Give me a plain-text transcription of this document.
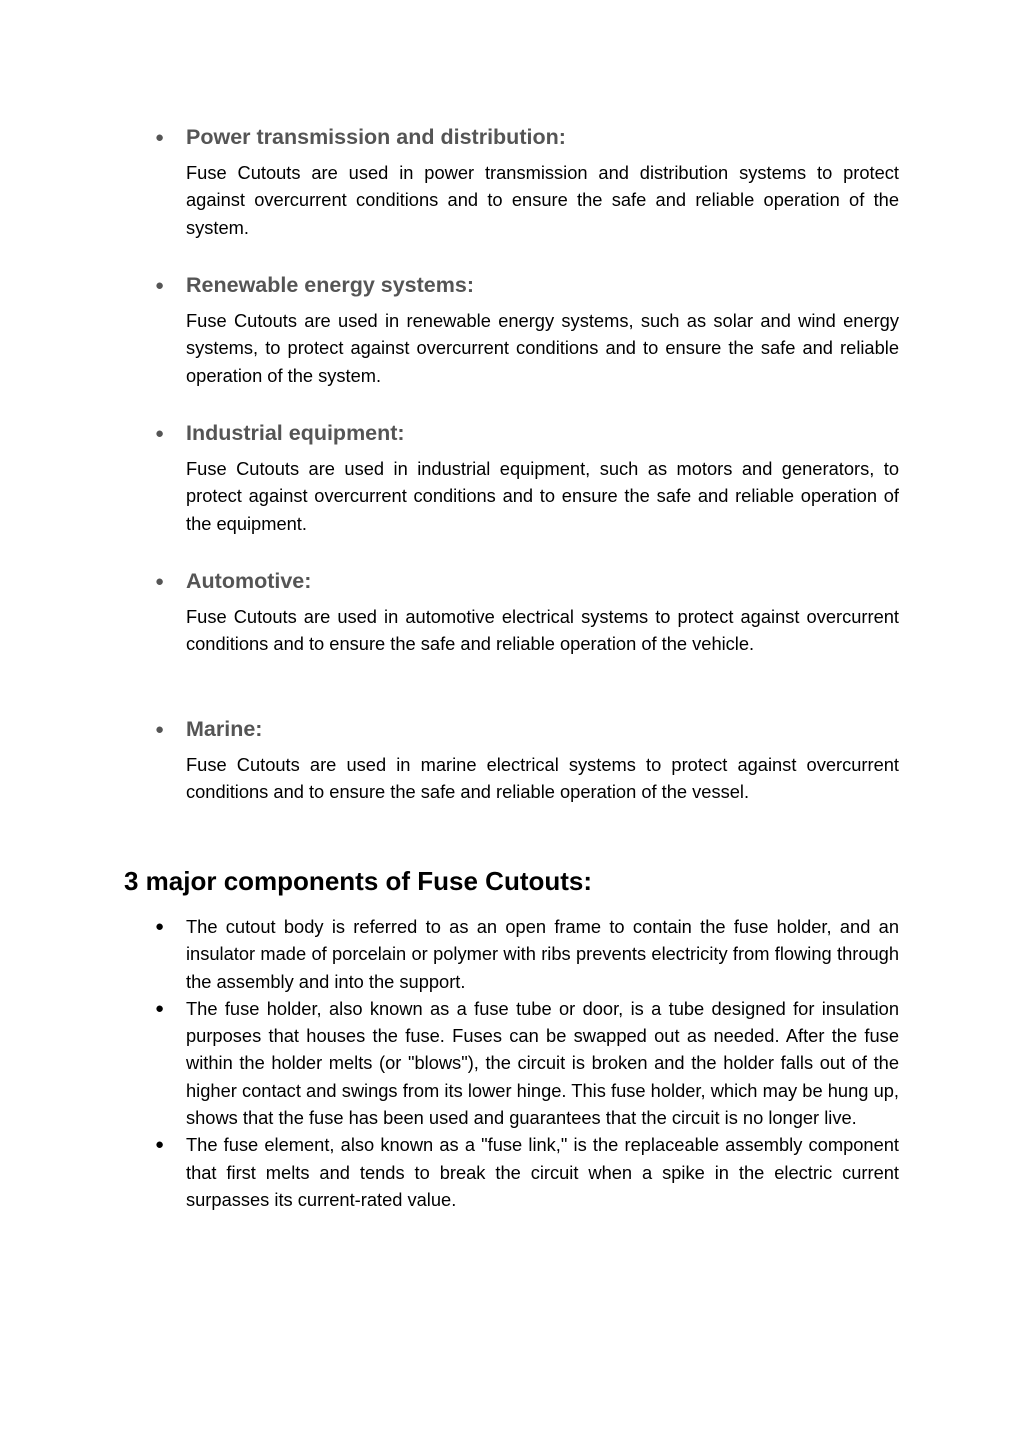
●	Power transmission and distribution:

Fuse Cutouts are used in power transmission and distribution systems to protect against overcurrent conditions and to ensure the safe and reliable operation of the system.

●	Renewable energy systems:

Fuse Cutouts are used in renewable energy systems, such as solar and wind energy systems, to protect against overcurrent conditions and to ensure the safe and reliable operation of the system.

●	Industrial equipment:

Fuse Cutouts are used in industrial equipment, such as motors and generators, to protect against overcurrent conditions and to ensure the safe and reliable operation of the equipment.

●	Automotive:

Fuse Cutouts are used in automotive electrical systems to protect against overcurrent conditions and to ensure the safe and reliable operation of the vehicle.

●	Marine:

Fuse Cutouts are used in marine electrical systems to protect against overcurrent conditions and to ensure the safe and reliable operation of the vessel.

3 major components of Fuse Cutouts:
●	The cutout body is referred to as an open frame to contain the fuse holder, and an insulator made of porcelain or polymer with ribs prevents electricity from flowing through the assembly and into the support.
●	The fuse holder, also known as a fuse tube or door, is a tube designed for insulation purposes that houses the fuse. Fuses can be swapped out as needed. After the fuse within the holder melts (or "blows"), the circuit is broken and the holder falls out of the higher contact and swings from its lower hinge. This fuse holder, which may be hung up, shows that the fuse has been used and guarantees that the circuit is no longer live.
●	The fuse element, also known as a "fuse link," is the replaceable assembly component that first melts and tends to break the circuit when a spike in the electric current surpasses its current-rated value.
